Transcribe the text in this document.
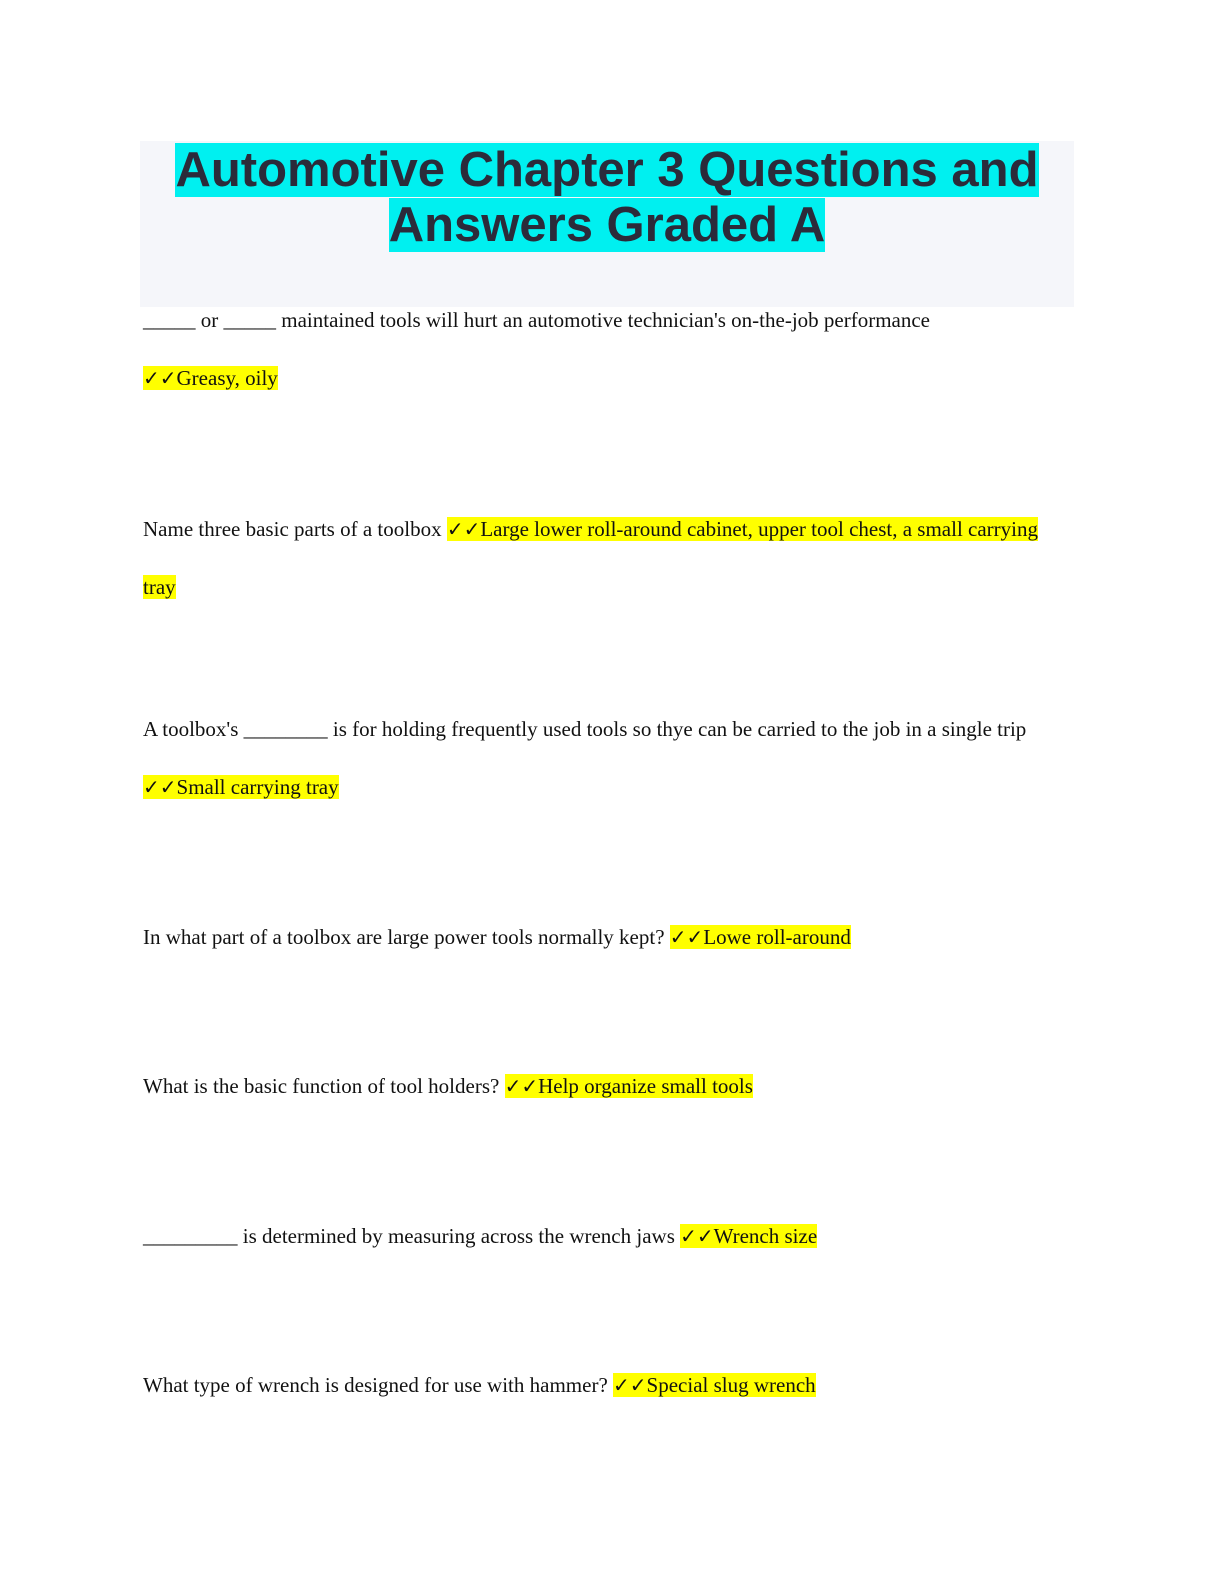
Automotive Chapter 3 Questions and
Answers Graded A

_____ or _____ maintained tools will hurt an automotive technician's on-the-job performance
✓✓Greasy, oily

Name three basic parts of a toolbox ✓✓Large lower roll-around cabinet, upper tool chest, a small carrying tray

A toolbox's ________ is for holding frequently used tools so thye can be carried to the job in a single trip ✓✓Small carrying tray

In what part of a toolbox are large power tools normally kept? ✓✓Lowe roll-around

What is the basic function of tool holders? ✓✓Help organize small tools

_________ is determined by measuring across the wrench jaws ✓✓Wrench size

What type of wrench is designed for use with hammer? ✓✓Special slug wrench
